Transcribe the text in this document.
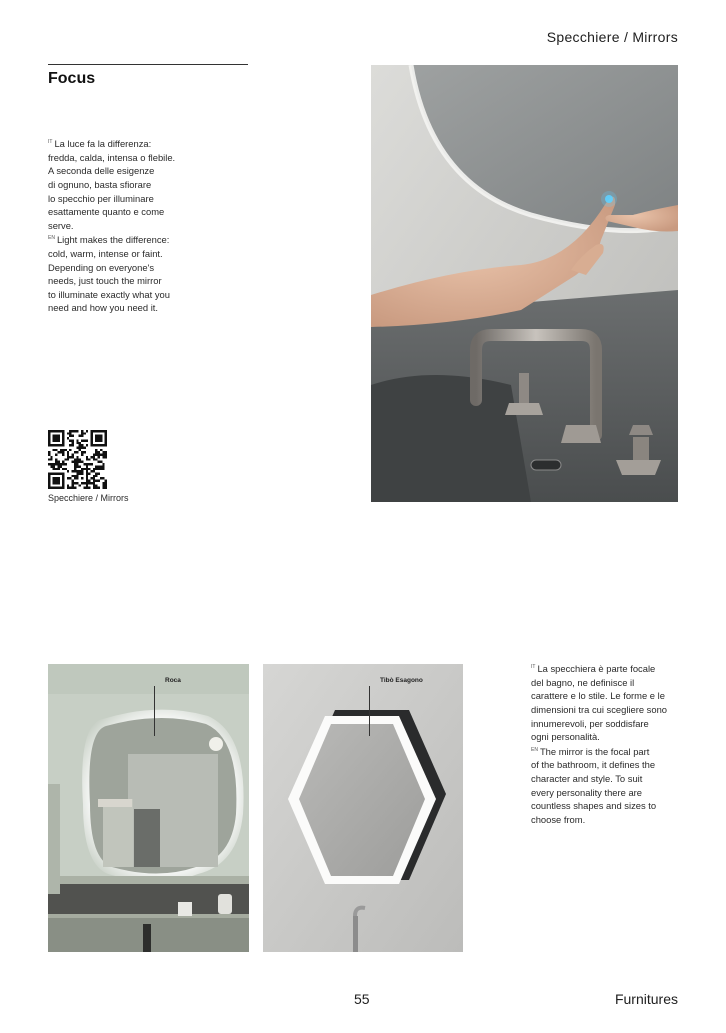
Specchiere / Mirrors
Focus
$^{IT}$ La luce fa la differenza:
fredda, calda, intensa o flebile.
A seconda delle esigenze
di ognuno, basta sfiorare
lo specchio per illuminare
esattamente quanto e come
serve.
$^{EN}$ Light makes the difference:
cold, warm, intense or faint.
Depending on everyone's
needs, just touch the mirror
to illuminate exactly what you
need and how you need it.
Specchiere / Mirrors
Roca	Tibò Esagono
$^{IT}$ La specchiera è parte focale
del bagno, ne definisce il
carattere e lo stile. Le forme e le
dimensioni tra cui scegliere sono
innumerevoli, per soddisfare
ogni personalità.
$^{EN}$ The mirror is the focal part
of the bathroom, it defines the
character and style. To suit
every personality there are
countless shapes and sizes to
choose from.
55	Furnitures
